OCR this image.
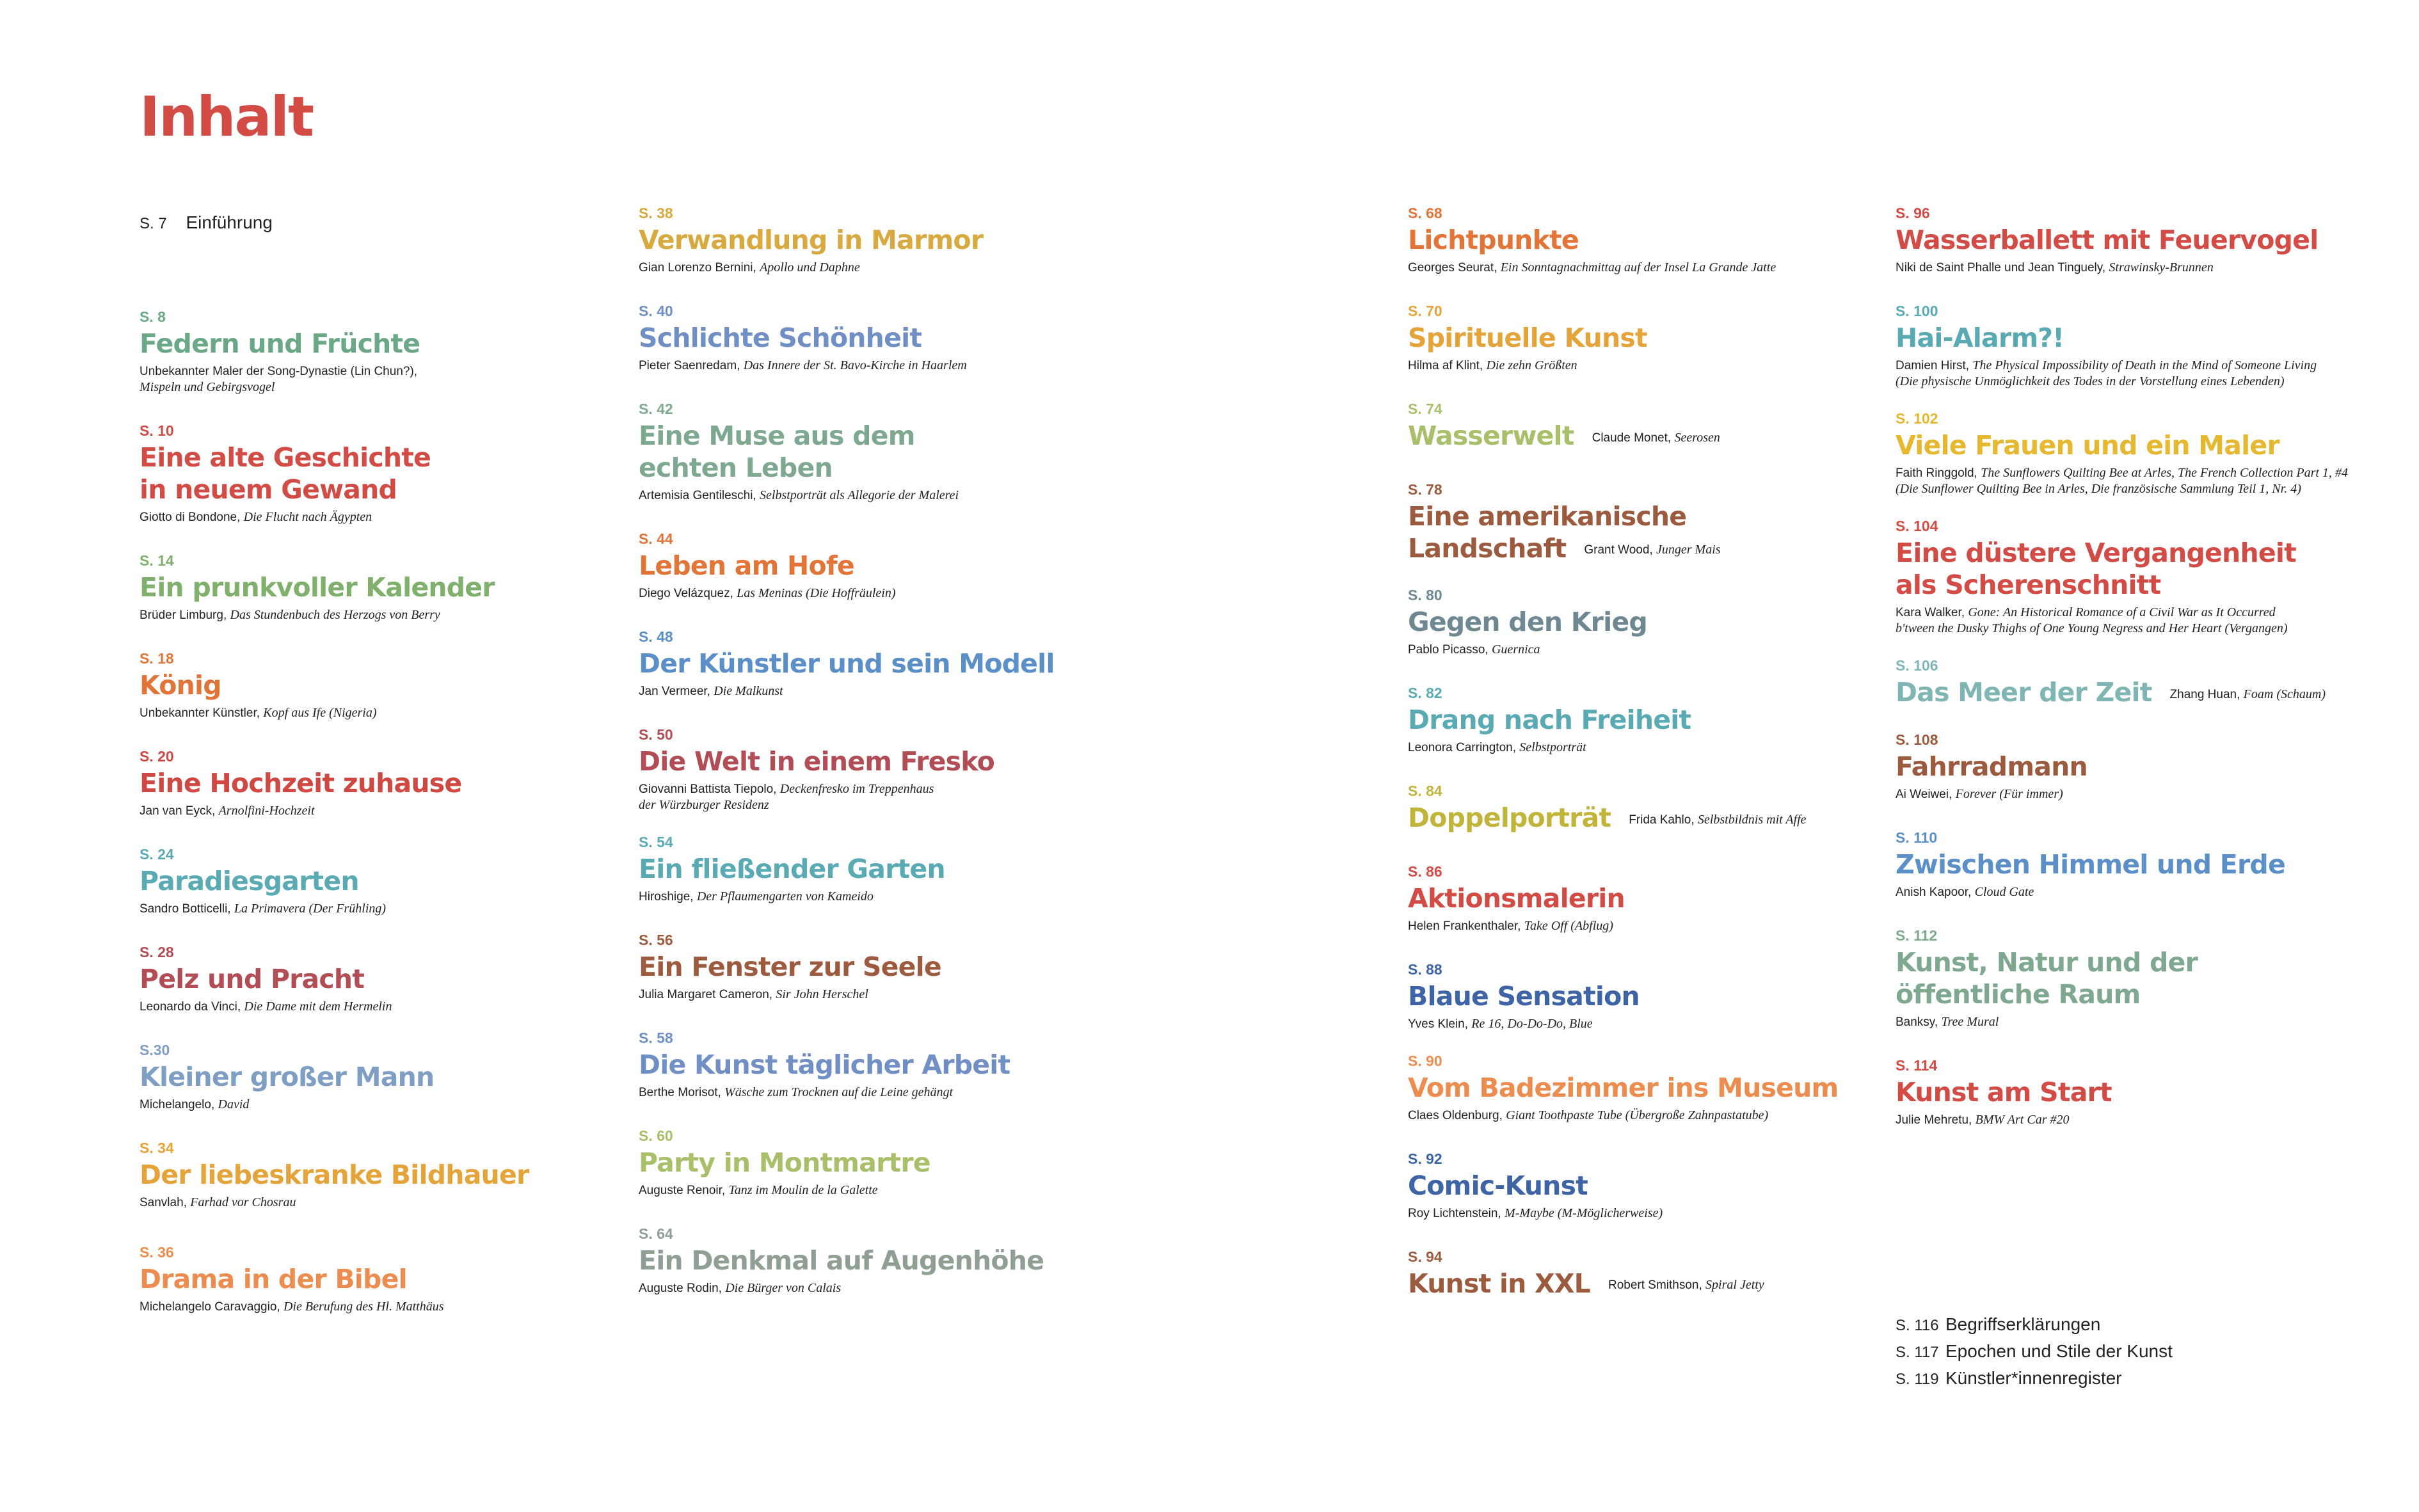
Inhalt
S. 7 Einführung
S. 8
Federn und Früchte
Unbekannter Maler der Song-Dynastie (Lin Chun?),
Mispeln und Gebirgsvogel
S. 10
Eine alte Geschichte
in neuem Gewand
Giotto di Bondone, Die Flucht nach Ägypten
S. 14
Ein prunkvoller Kalender
Brüder Limburg, Das Stundenbuch des Herzogs von Berry
S. 18
König
Unbekannter Künstler, Kopf aus Ife (Nigeria)
S. 20
Eine Hochzeit zuhause
Jan van Eyck, Arnolfini-Hochzeit
S. 24
Paradiesgarten
Sandro Botticelli, La Primavera (Der Frühling)
S. 28
Pelz und Pracht
Leonardo da Vinci, Die Dame mit dem Hermelin
S.30
Kleiner großer Mann
Michelangelo, David
S. 34
Der liebeskranke Bildhauer
Sanvlah, Farhad vor Chosrau
S. 36
Drama in der Bibel
Michelangelo Caravaggio, Die Berufung des Hl. Matthäus
S. 38
Verwandlung in Marmor
Gian Lorenzo Bernini, Apollo und Daphne
S. 40
Schlichte Schönheit
Pieter Saenredam, Das Innere der St. Bavo-Kirche in Haarlem
S. 42
Eine Muse aus dem
echten Leben
Artemisia Gentileschi, Selbstporträt als Allegorie der Malerei
S. 44
Leben am Hofe
Diego Velázquez, Las Meninas (Die Hoffräulein)
S. 48
Der Künstler und sein Modell
Jan Vermeer, Die Malkunst
S. 50
Die Welt in einem Fresko
Giovanni Battista Tiepolo, Deckenfresko im Treppenhaus
der Würzburger Residenz
S. 54
Ein fließender Garten
Hiroshige, Der Pflaumengarten von Kameido
S. 56
Ein Fenster zur Seele
Julia Margaret Cameron, Sir John Herschel
S. 58
Die Kunst täglicher Arbeit
Berthe Morisot, Wäsche zum Trocknen auf die Leine gehängt
S. 60
Party in Montmartre
Auguste Renoir, Tanz im Moulin de la Galette
S. 64
Ein Denkmal auf Augenhöhe
Auguste Rodin, Die Bürger von Calais
S. 68
Lichtpunkte
Georges Seurat, Ein Sonntagnachmittag auf der Insel La Grande Jatte
S. 70
Spirituelle Kunst
Hilma af Klint, Die zehn Größten
S. 74
Wasserwelt Claude Monet, Seerosen
S. 78
Eine amerikanische
Landschaft Grant Wood, Junger Mais
S. 80
Gegen den Krieg
Pablo Picasso, Guernica
S. 82
Drang nach Freiheit
Leonora Carrington, Selbstporträt
S. 84
Doppelporträt Frida Kahlo, Selbstbildnis mit Affe
S. 86
Aktionsmalerin
Helen Frankenthaler, Take Off (Abflug)
S. 88
Blaue Sensation
Yves Klein, Re 16, Do-Do-Do, Blue
S. 90
Vom Badezimmer ins Museum
Claes Oldenburg, Giant Toothpaste Tube (Übergroße Zahnpastatube)
S. 92
Comic-Kunst
Roy Lichtenstein, M-Maybe (M-Möglicherweise)
S. 94
Kunst in XXL Robert Smithson, Spiral Jetty
S. 96
Wasserballett mit Feuervogel
Niki de Saint Phalle und Jean Tinguely, Strawinsky-Brunnen
S. 100
Hai-Alarm?!
Damien Hirst, The Physical Impossibility of Death in the Mind of Someone Living
(Die physische Unmöglichkeit des Todes in der Vorstellung eines Lebenden)
S. 102
Viele Frauen und ein Maler
Faith Ringgold, The Sunflowers Quilting Bee at Arles, The French Collection Part 1, #4
(Die Sunflower Quilting Bee in Arles, Die französische Sammlung Teil 1, Nr. 4)
S. 104
Eine düstere Vergangenheit
als Scherenschnitt
Kara Walker, Gone: An Historical Romance of a Civil War as It Occurred
b'tween the Dusky Thighs of One Young Negress and Her Heart (Vergangen)
S. 106
Das Meer der Zeit Zhang Huan, Foam (Schaum)
S. 108
Fahrradmann
Ai Weiwei, Forever (Für immer)
S. 110
Zwischen Himmel und Erde
Anish Kapoor, Cloud Gate
S. 112
Kunst, Natur und der
öffentliche Raum
Banksy, Tree Mural
S. 114
Kunst am Start
Julie Mehretu, BMW Art Car #20
S. 116 Begriffserklärungen
S. 117 Epochen und Stile der Kunst
S. 119 Künstler*innenregister
